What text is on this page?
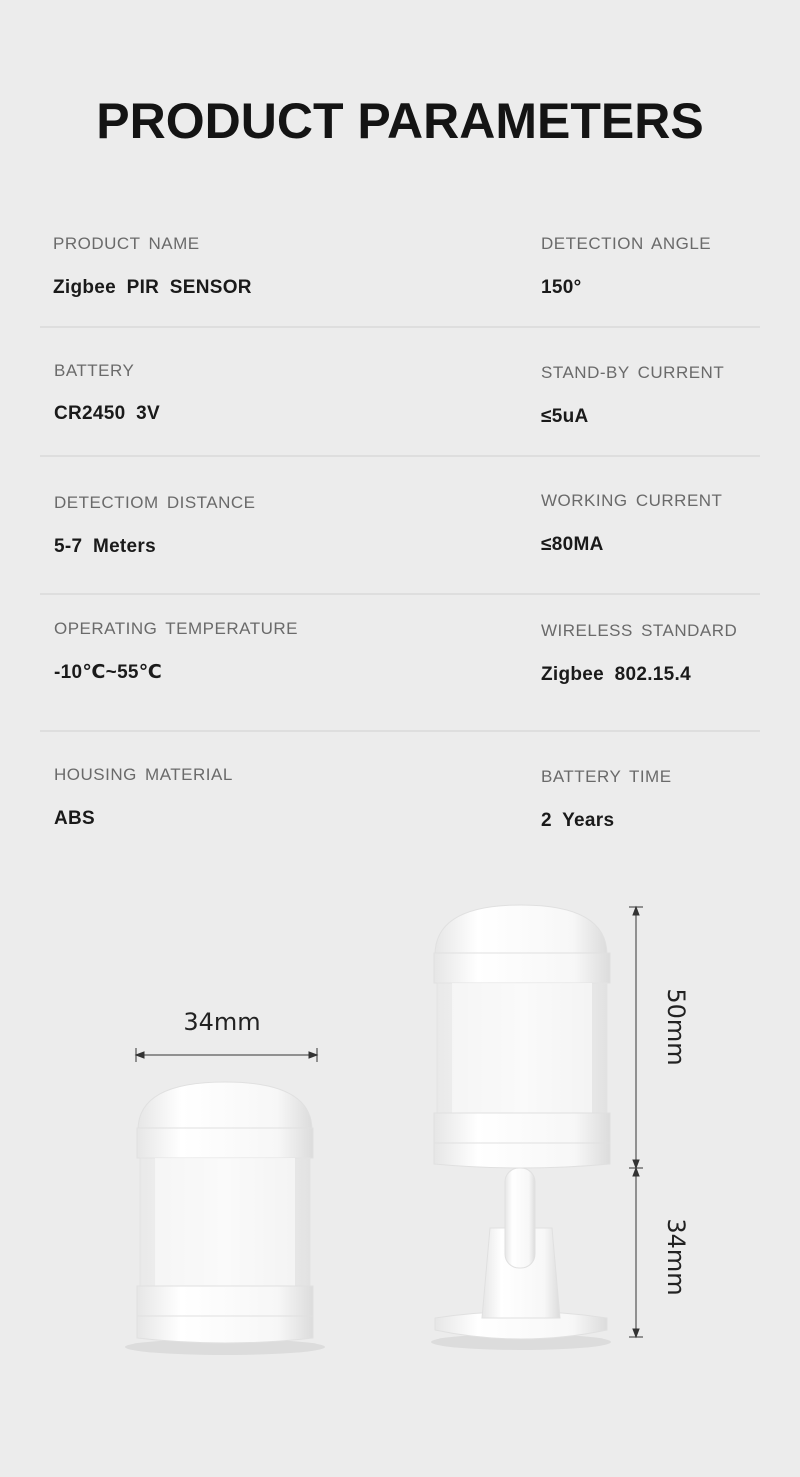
PRODUCT PARAMETERS
PRODUCT NAME
Zigbee PIR SENSOR
DETECTION ANGLE
150°
BATTERY
CR2450 3V
STAND-BY CURRENT
≤5uA
DETECTIOM DISTANCE
5-7 Meters
WORKING CURRENT
≤80MA
OPERATING TEMPERATURE
-10℃~55℃
WIRELESS STANDARD
Zigbee 802.15.4
HOUSING MATERIAL
ABS
BATTERY TIME
2 Years
34mm	50mm
34mm
